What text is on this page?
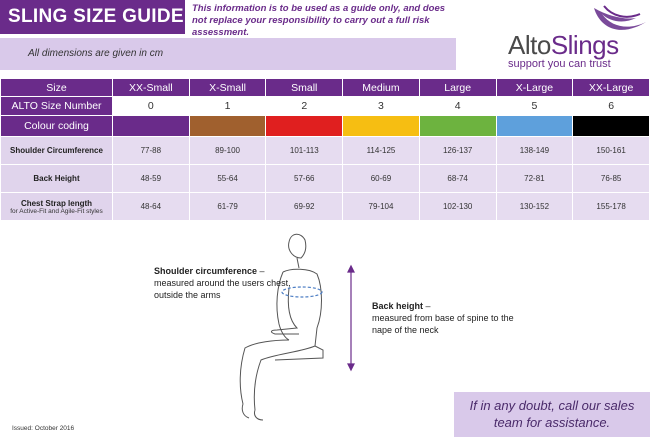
SLING SIZE GUIDE This information is to be used as a guide only, and does not replace your responsibility to carry out a full risk assessment.
All dimensions are given in cm	AltoSlings
support you can trust
Size	XX-Small	X-Small	Small	Medium	Large	X-Large	XX-Large
ALTO Size Number	0	1	2	3	4	5	6
Colour coding							
Shoulder Circumference	77-88	89-100	101-113	114-125	126-137	138-149	150-161
Back Height	48-59	55-64	57-66	60-69	68-74	72-81	76-85
Chest Strap length
for Active-Fit and Agile-Fit styles	48-64	61-79	69-92	79-104	102-130	130-152	155-178
Shoulder circumference –
measured around the users chest, outside the arms
Back height –
measured from base of spine to the nape of the neck
Issued: October 2016
If in any doubt, call our sales team for assistance.
